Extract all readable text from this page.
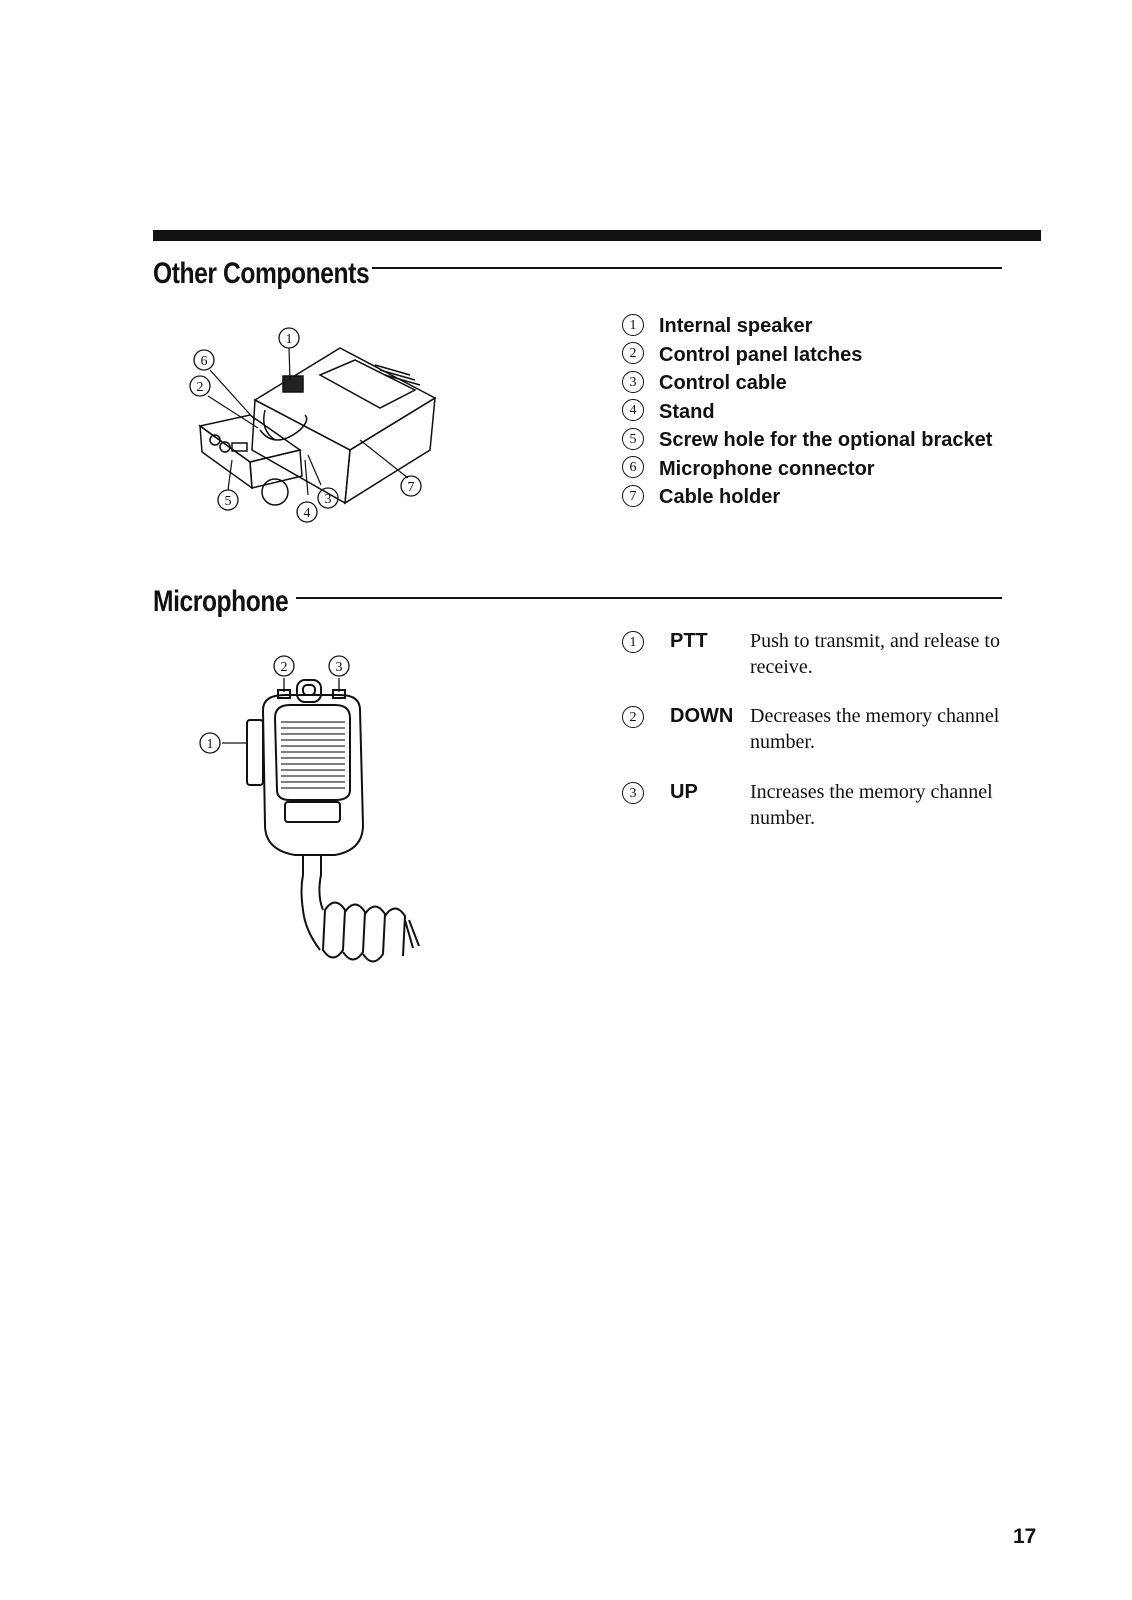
Other Components
1
6
2
7
5
4
3
1 Internal speaker
2 Control panel latches
3 Control cable
4 Stand
5 Screw hole for the optional bracket
6 Microphone connector
7 Cable holder
Microphone
2	3
1
1	PTT Push to transmit, and release to receive.
2	DOWN Decreases the memory channel number.
3	UP	Increases the memory channel number.
17
